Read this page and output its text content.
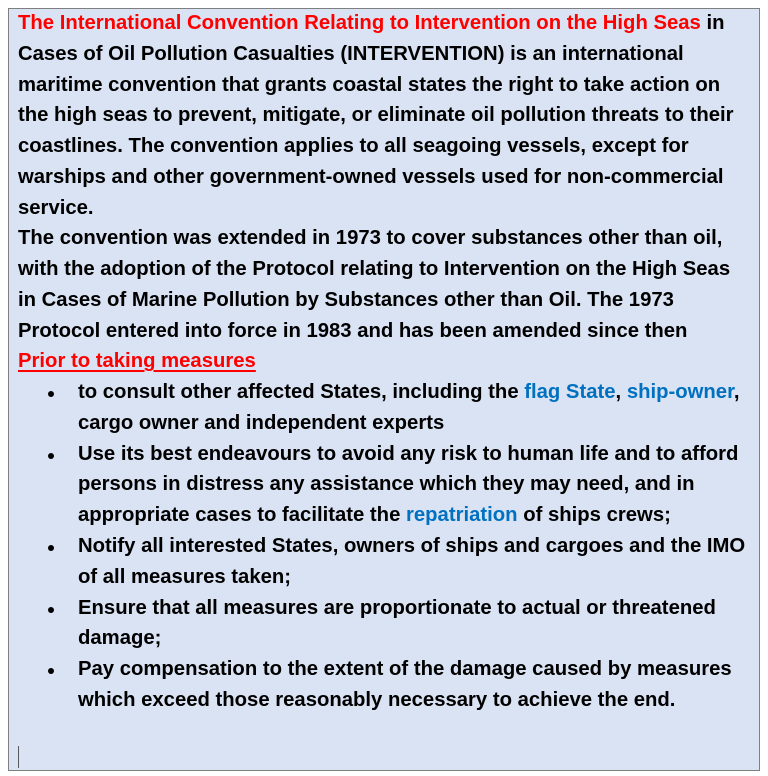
The International Convention Relating to Intervention on the High Seas in
Cases of Oil Pollution Casualties (INTERVENTION) is an international
maritime convention that grants coastal states the right to take action on
the high seas to prevent, mitigate, or eliminate oil pollution threats to their
coastlines. The convention applies to all seagoing vessels, except for
warships and other government-owned vessels used for non-commercial
service.
The convention was extended in 1973 to cover substances other than oil,
with the adoption of the Protocol relating to Intervention on the High Seas
in Cases of Marine Pollution by Substances other than Oil. The 1973
Protocol entered into force in 1983 and has been amended since then
Prior to taking measures
to consult other affected States, including the flag State, ship-owner,
cargo owner and independent experts
Use its best endeavours to avoid any risk to human life and to afford
persons in distress any assistance which they may need, and in
appropriate cases to facilitate the repatriation of ships crews;
Notify all interested States, owners of ships and cargoes and the IMO
of all measures taken;
Ensure that all measures are proportionate to actual or threatened
damage;
Pay compensation to the extent of the damage caused by measures
which exceed those reasonably necessary to achieve the end.
